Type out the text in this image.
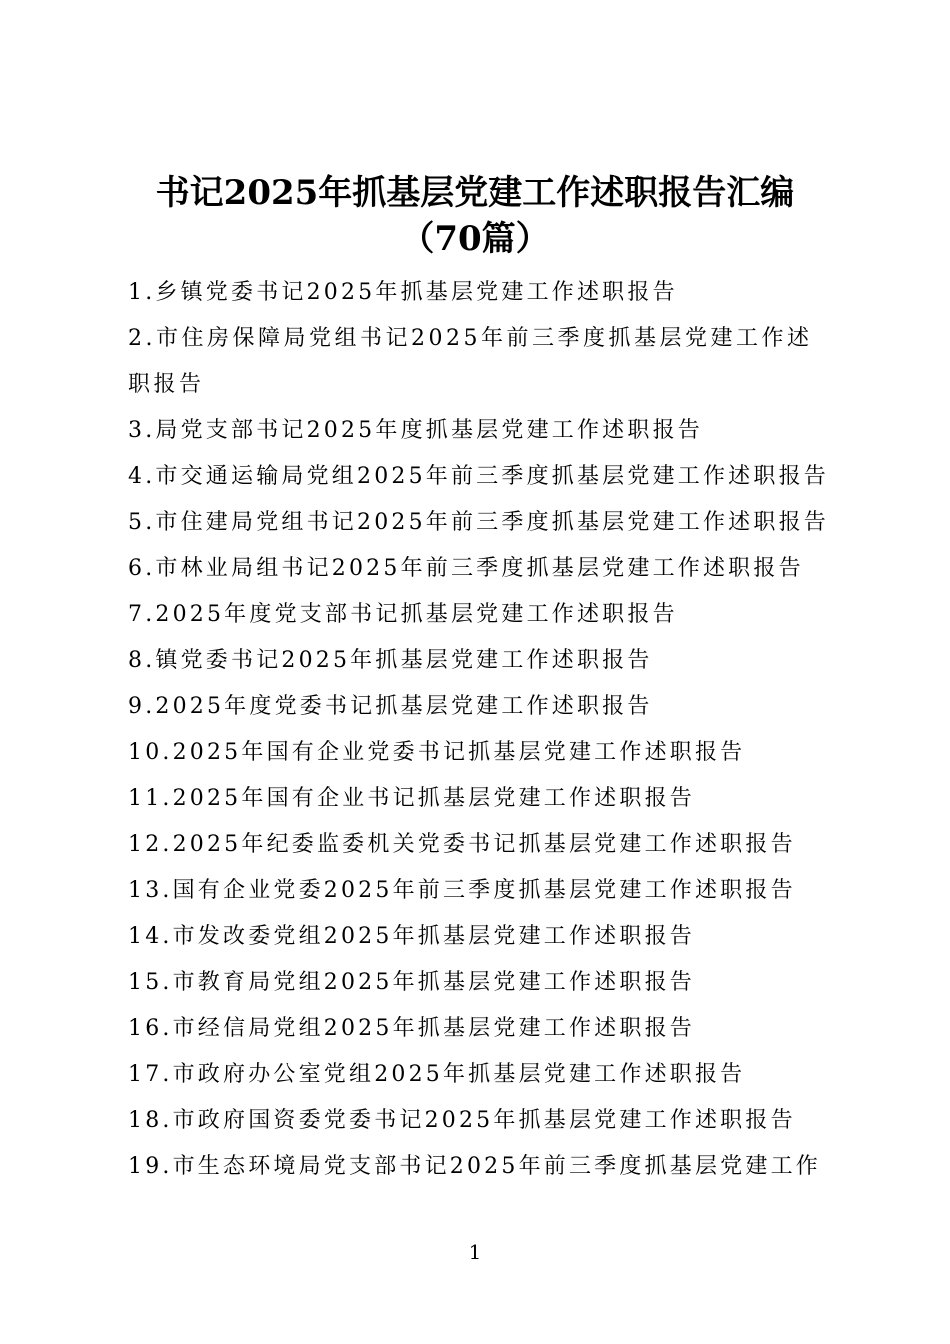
书记2025年抓基层党建工作述职报告汇编
（70篇）
1.乡镇党委书记2025年抓基层党建工作述职报告
2.市住房保障局党组书记2025年前三季度抓基层党建工作述职报告
3.局党支部书记2025年度抓基层党建工作述职报告
4.市交通运输局党组2025年前三季度抓基层党建工作述职报告
5.市住建局党组书记2025年前三季度抓基层党建工作述职报告
6.市林业局组书记2025年前三季度抓基层党建工作述职报告
7.2025年度党支部书记抓基层党建工作述职报告
8.镇党委书记2025年抓基层党建工作述职报告
9.2025年度党委书记抓基层党建工作述职报告
10.2025年国有企业党委书记抓基层党建工作述职报告
11.2025年国有企业书记抓基层党建工作述职报告
12.2025年纪委监委机关党委书记抓基层党建工作述职报告
13.国有企业党委2025年前三季度抓基层党建工作述职报告
14.市发改委党组2025年抓基层党建工作述职报告
15.市教育局党组2025年抓基层党建工作述职报告
16.市经信局党组2025年抓基层党建工作述职报告
17.市政府办公室党组2025年抓基层党建工作述职报告
18.市政府国资委党委书记2025年抓基层党建工作述职报告
19.市生态环境局党支部书记2025年前三季度抓基层党建工作
1
